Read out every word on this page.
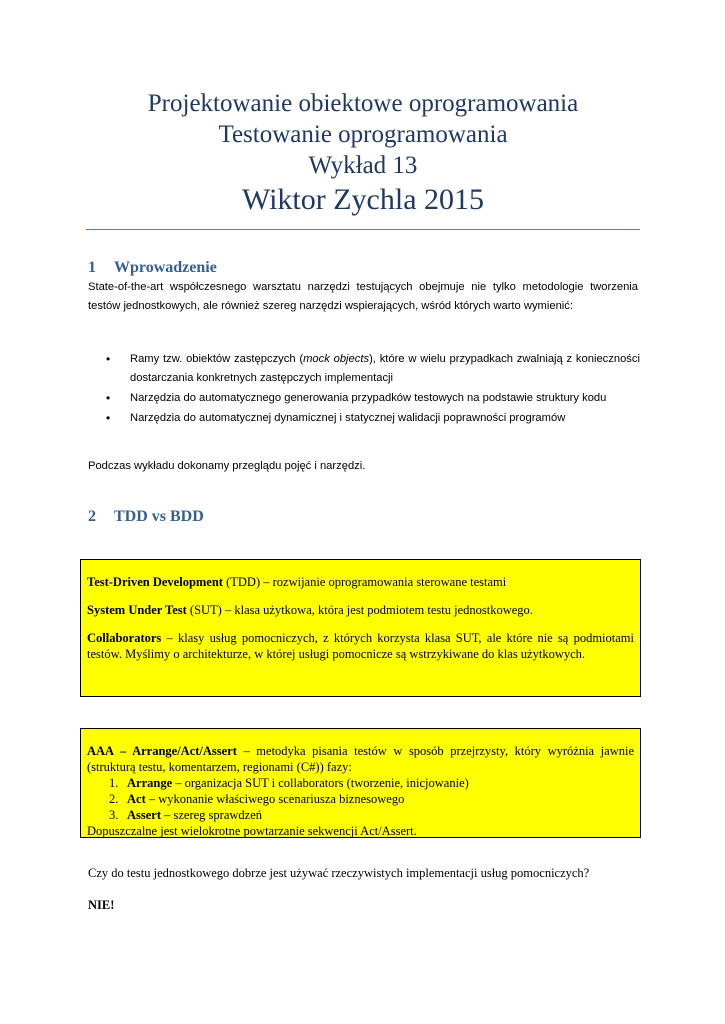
Projektowanie obiektowe oprogramowania
Testowanie oprogramowania
Wykład 13
Wiktor Zychla 2015
1 Wprowadzenie
State-of-the-art współczesnego warsztatu narzędzi testujących obejmuje nie tylko metodologie tworzenia testów jednostkowych, ale również szereg narzędzi wspierających, wśród których warto wymienić:
• Ramy tzw. obiektów zastępczych (mock objects), które w wielu przypadkach zwalniają z konieczności dostarczania konkretnych zastępczych implementacji
• Narzędzia do automatycznego generowania przypadków testowych na podstawie struktury kodu
• Narzędzia do automatycznej dynamicznej i statycznej walidacji poprawności programów
Podczas wykładu dokonamy przeglądu pojęć i narzędzi.
2 TDD vs BDD

Test-Driven Development (TDD) – rozwijanie oprogramowania sterowane testami

System Under Test (SUT) – klasa użytkowa, która jest podmiotem testu jednostkowego.

Collaborators – klasy usług pomocniczych, z których korzysta klasa SUT, ale które nie są podmiotami testów. Myślimy o architekturze, w której usługi pomocnicze są wstrzykiwane do klas użytkowych.

AAA – Arrange/Act/Assert – metodyka pisania testów w sposób przejrzysty, który wyróżnia jawnie (strukturą testu, komentarzem, regionami (C#)) fazy:

1. Arrange – organizacja SUT i collaborators (tworzenie, inicjowanie)
2. Act – wykonanie właściwego scenariusza biznesowego
3. Assert – szereg sprawdzeń

Dopuszczalne jest wielokrotne powtarzanie sekwencji Act/Assert.

Czy do testu jednostkowego dobrze jest używać rzeczywistych implementacji usług pomocniczych?
NIE!
